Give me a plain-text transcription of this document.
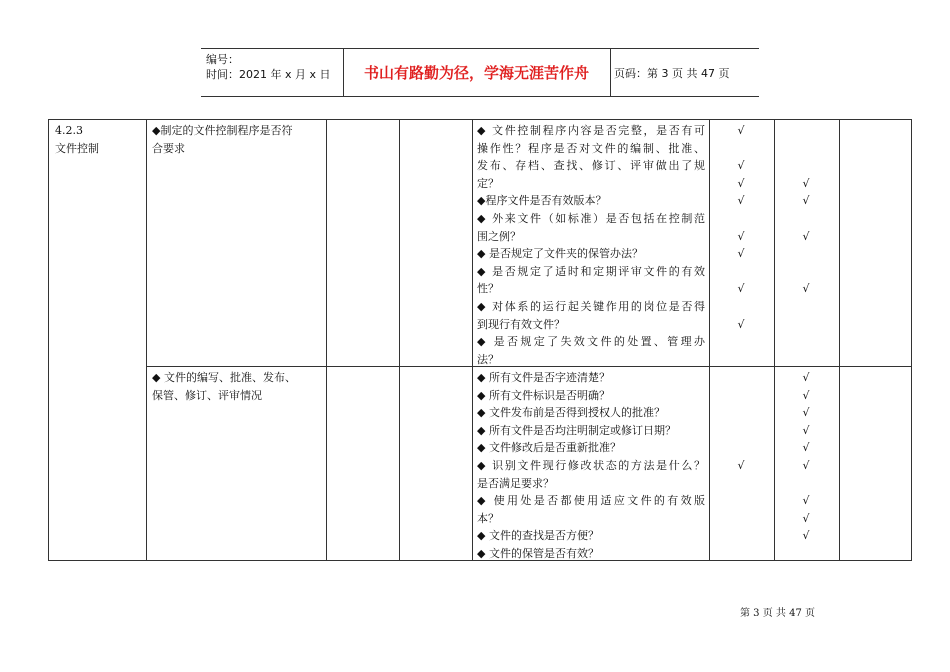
编号：
时间：2021 年 x 月 x 日	书山有路勤为径，学海无涯苦作舟	页码：第 3 页 共 47 页
4.2.3
文件控制
◆制定的文件控制程序是否符
合要求
◆ 文件控制程序内容是否完整，是否有可
操作性？程序是否对文件的编制、批准、
发布、存档、查找、修订、评审做出了规
定？
◆程序文件是否有效版本？
◆ 外来文件（如标准）是否包括在控制范
围之例？
◆ 是否规定了文件夹的保管办法？
◆ 是否规定了适时和定期评审文件的有效
性？
◆ 对体系的运行起关键作用的岗位是否得
到现行有效文件？
◆ 是否规定了失效文件的处置、管理办
法？
◆ 文件的编写、批准、发布、
保管、修订、评审情况
◆ 所有文件是否字迹清楚？
◆ 所有文件标识是否明确？
◆ 文件发布前是否得到授权人的批准？
◆ 所有文件是否均注明制定或修订日期？
◆ 文件修改后是否重新批准？
◆ 识别文件现行修改状态的方法是什么？
是否满足要求？
◆ 使用处是否都使用适应文件的有效版
本？
◆ 文件的查找是否方便？
◆ 文件的保管是否有效？
√
√
√
√
√
√
√
√
√
√
√
√
√
√
√
√
√
√
√
√
√
√
第 3 页 共 47 页
